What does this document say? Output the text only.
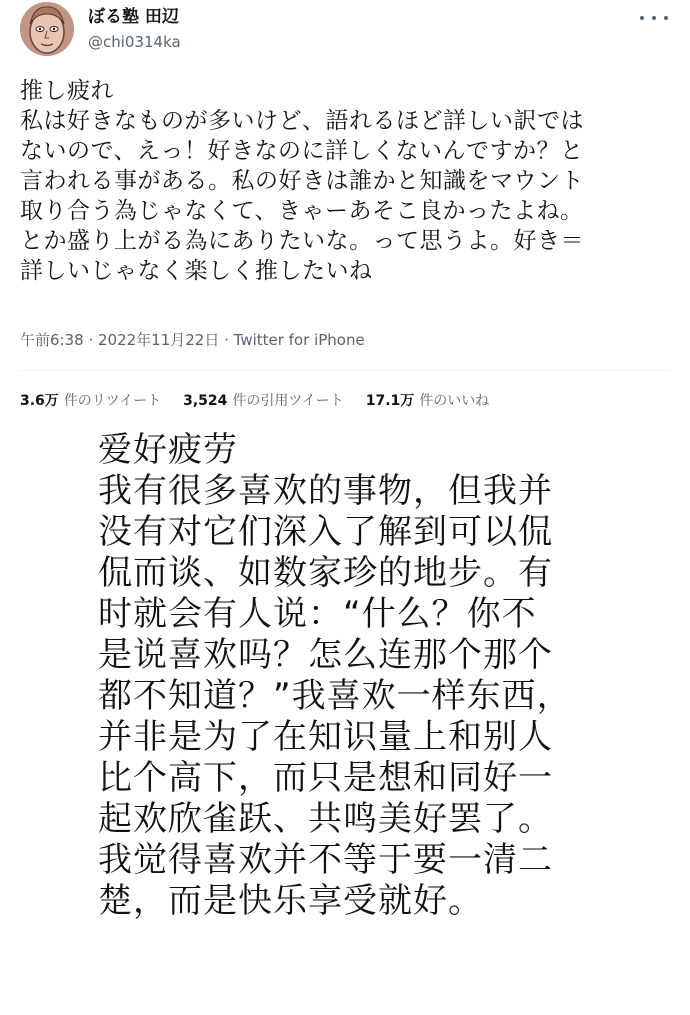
ぼる塾 田辺
@chi0314ka
推し疲れ
私は好きなものが多いけど、語れるほど詳しい訳では
ないので、えっ！好きなのに詳しくないんですか？と
言われる事がある。私の好きは誰かと知識をマウント
取り合う為じゃなくて、きゃーあそこ良かったよね。
とか盛り上がる為にありたいな。って思うよ。好き＝
詳しいじゃなく楽しく推したいね
午前6:38 · 2022年11月22日 · Twitter for iPhone
3.6万 件のリツイート 3,524 件の引用ツイート 17.1万 件のいいね
爱好疲劳
我有很多喜欢的事物，但我并
没有对它们深入了解到可以侃
侃而谈、如数家珍的地步。有
时就会有人说：“什么？你不
是说喜欢吗？怎么连那个那个
都不知道？”我喜欢一样东西，
并非是为了在知识量上和别人
比个高下，而只是想和同好一
起欢欣雀跃、共鸣美好罢了。
我觉得喜欢并不等于要一清二
楚，而是快乐享受就好。
